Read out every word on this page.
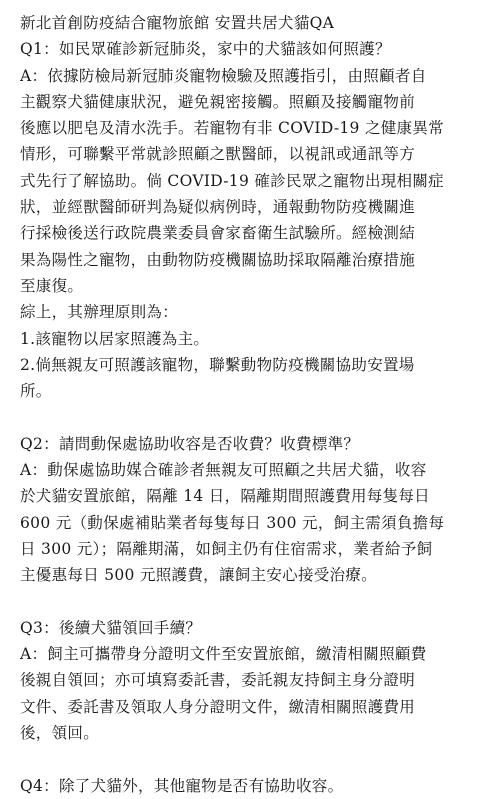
新北首創防疫結合寵物旅館 安置共居犬貓QA
Q1：如民眾確診新冠肺炎，家中的犬貓該如何照護？
A：依據防檢局新冠肺炎寵物檢驗及照護指引，由照顧者自
主觀察犬貓健康狀況，避免親密接觸。照顧及接觸寵物前
後應以肥皂及清水洗手。若寵物有非 COVID-19 之健康異常
情形，可聯繫平常就診照顧之獸醫師，以視訊或通訊等方
式先行了解協助。倘 COVID-19 確診民眾之寵物出現相關症
狀，並經獸醫師研判為疑似病例時，通報動物防疫機關進
行採檢後送行政院農業委員會家畜衛生試驗所。經檢測結
果為陽性之寵物，由動物防疫機關協助採取隔離治療措施
至康復。
綜上，其辦理原則為：
1.該寵物以居家照護為主。
2.倘無親友可照護該寵物，聯繫動物防疫機關協助安置場
所。
Q2：請問動保處協助收容是否收費？收費標準？
A：動保處協助媒合確診者無親友可照顧之共居犬貓，收容
於犬貓安置旅館，隔離 14 日，隔離期間照護費用每隻每日
600 元（動保處補貼業者每隻每日 300 元，飼主需須負擔每
日 300 元）；隔離期滿，如飼主仍有住宿需求，業者給予飼
主優惠每日 500 元照護費，讓飼主安心接受治療。
Q3：後續犬貓領回手續？
A：飼主可攜帶身分證明文件至安置旅館，繳清相關照顧費
後親自領回；亦可填寫委託書，委託親友持飼主身分證明
文件、委託書及領取人身分證明文件，繳清相關照護費用
後，領回。
Q4：除了犬貓外，其他寵物是否有協助收容。
